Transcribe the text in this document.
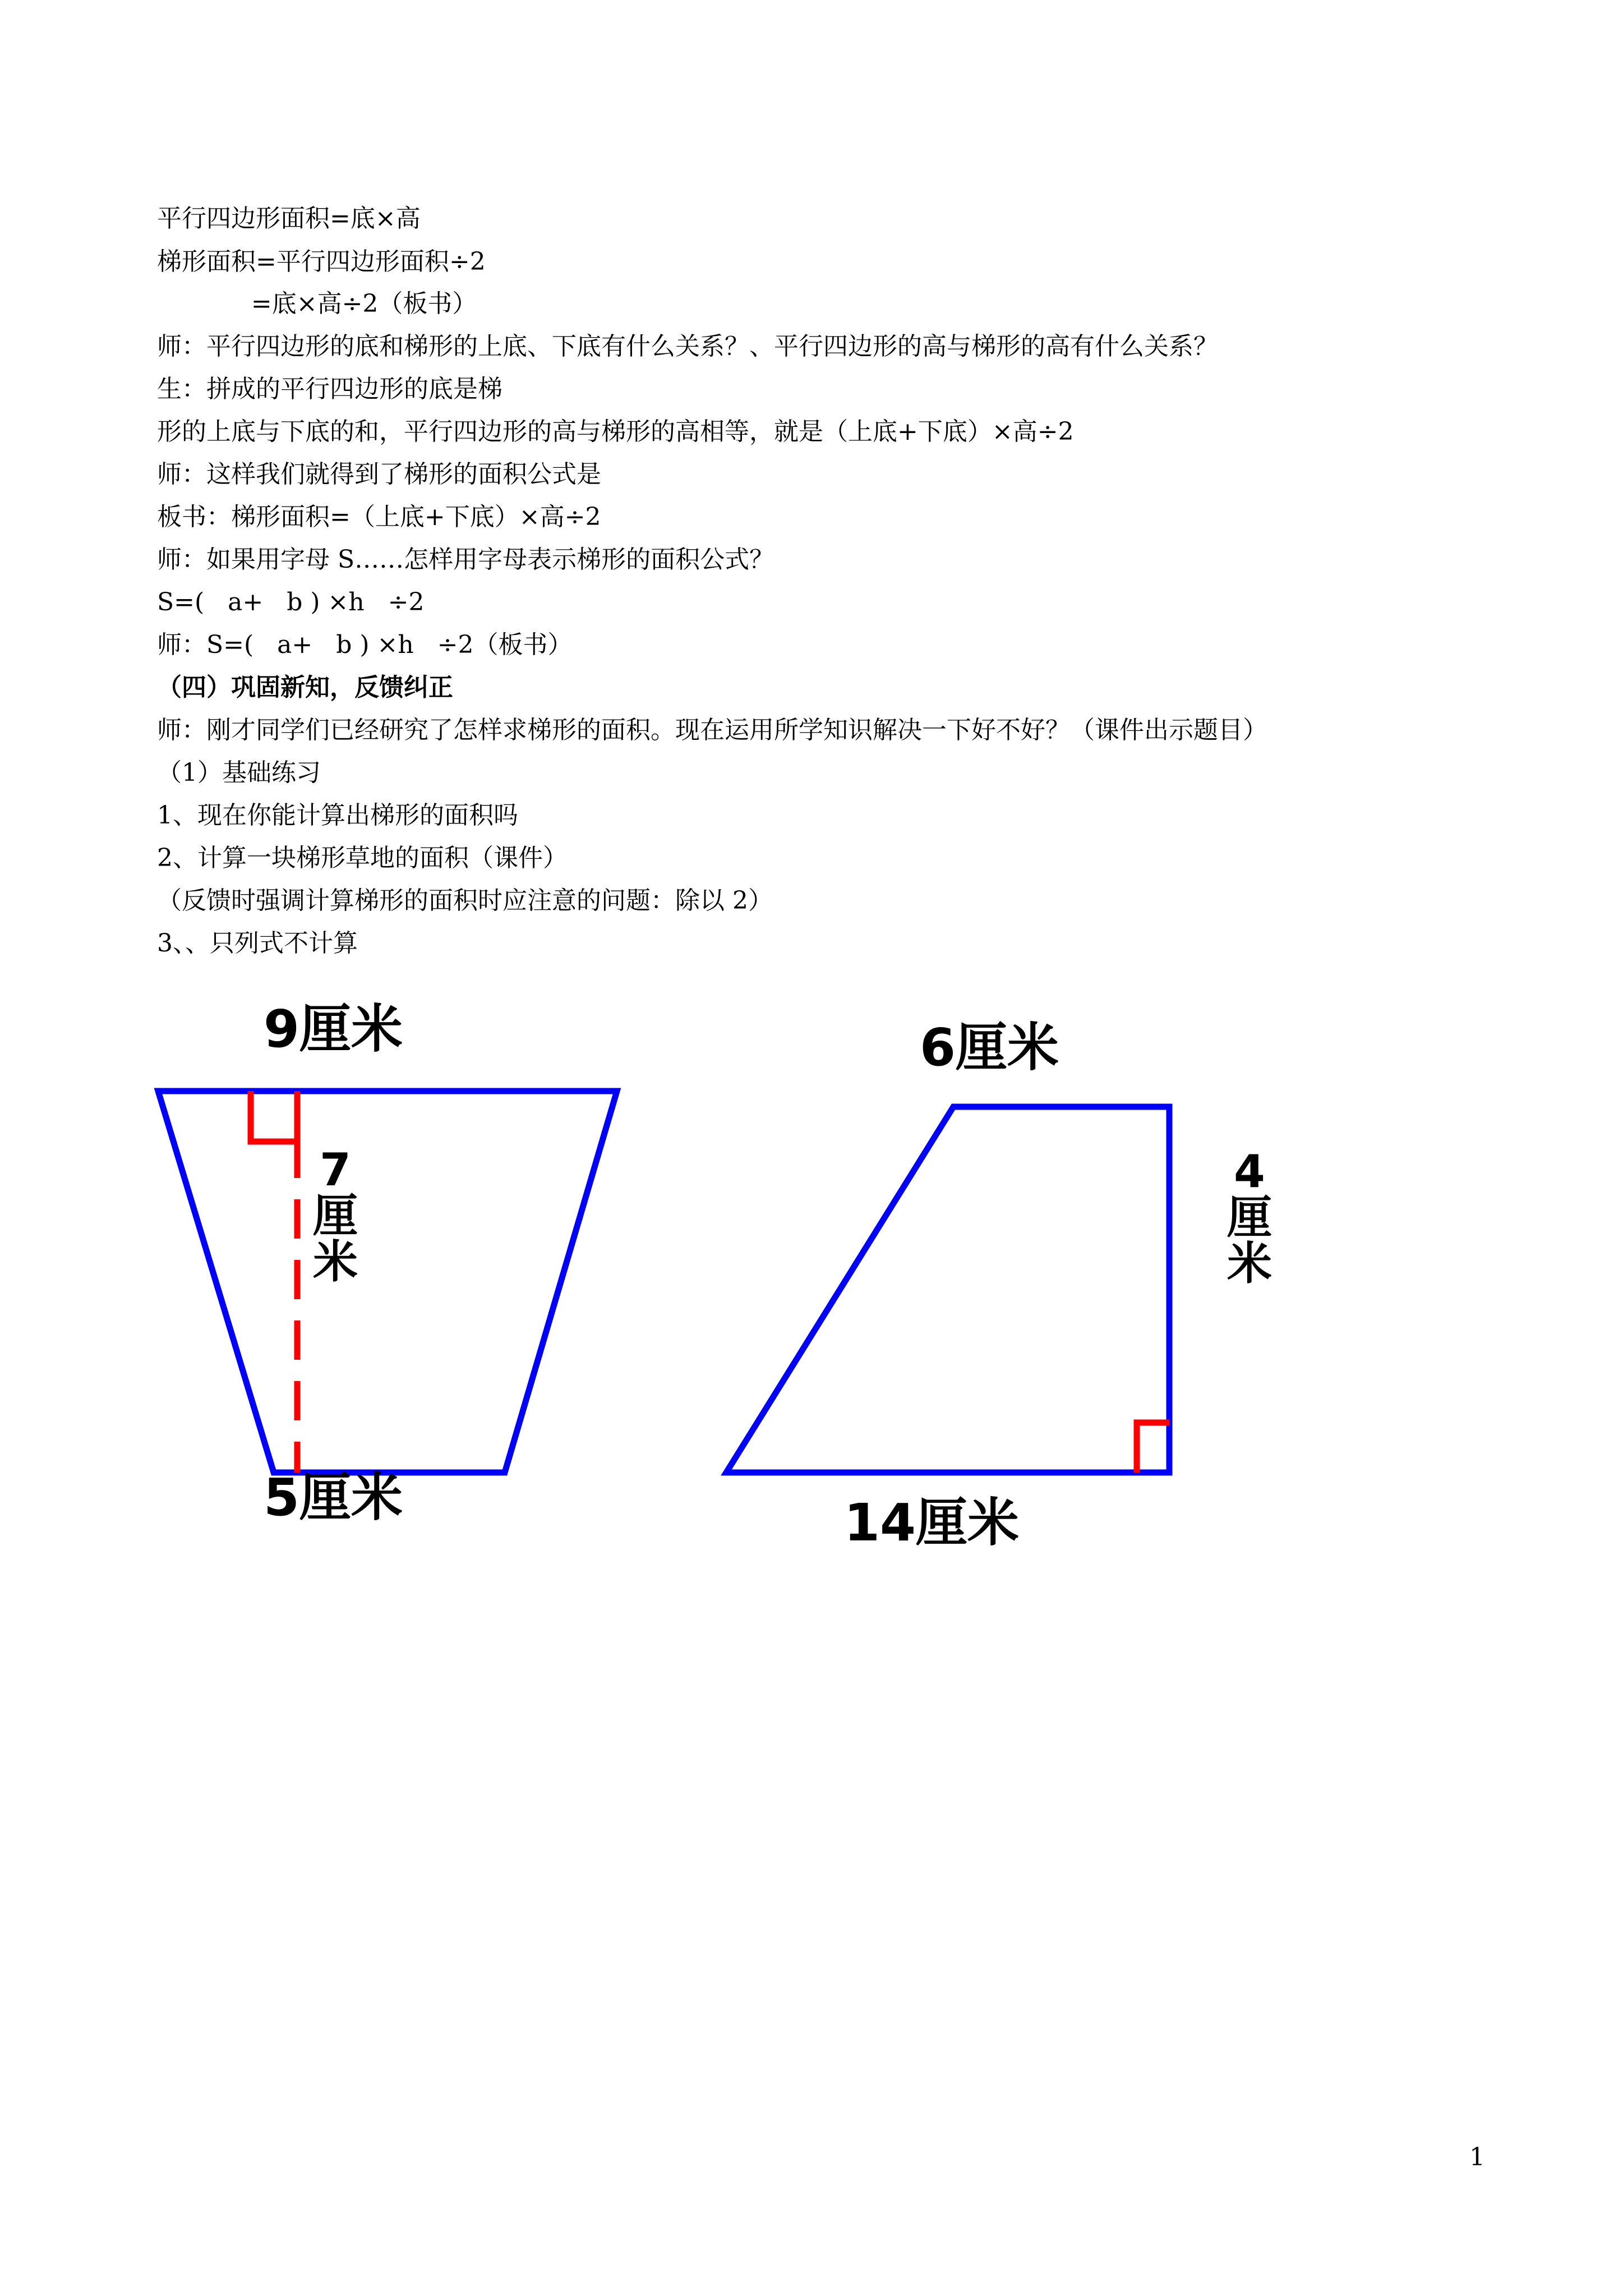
平行四边形面积=底×高
梯形面积=平行四边形面积÷2
=底×高÷2（板书）
师：平行四边形的底和梯形的上底、下底有什么关系？、平行四边形的高与梯形的高有什么关系？
生：拼成的平行四边形的底是梯
形的上底与下底的和，平行四边形的高与梯形的高相等，就是（上底+下底）×高÷2
师：这样我们就得到了梯形的面积公式是
板书：梯形面积=（上底+下底）×高÷2
师：如果用字母 S……怎样用字母表示梯形的面积公式？
S=(   a+   b ) ×h   ÷2
师：S=(   a+   b ) ×h   ÷2（板书）
（四）巩固新知，反馈纠正
师：刚才同学们已经研究了怎样求梯形的面积。现在运用所学知识解决一下好不好？（课件出示题目）
（1）基础练习
1、现在你能计算出梯形的面积吗
2、计算一块梯形草地的面积（课件）
（反馈时强调计算梯形的面积时应注意的问题：除以 2）
3、、只列式不计算
9厘米
7
厘
米
5厘米
6厘米
4
厘
米
14厘米
1
